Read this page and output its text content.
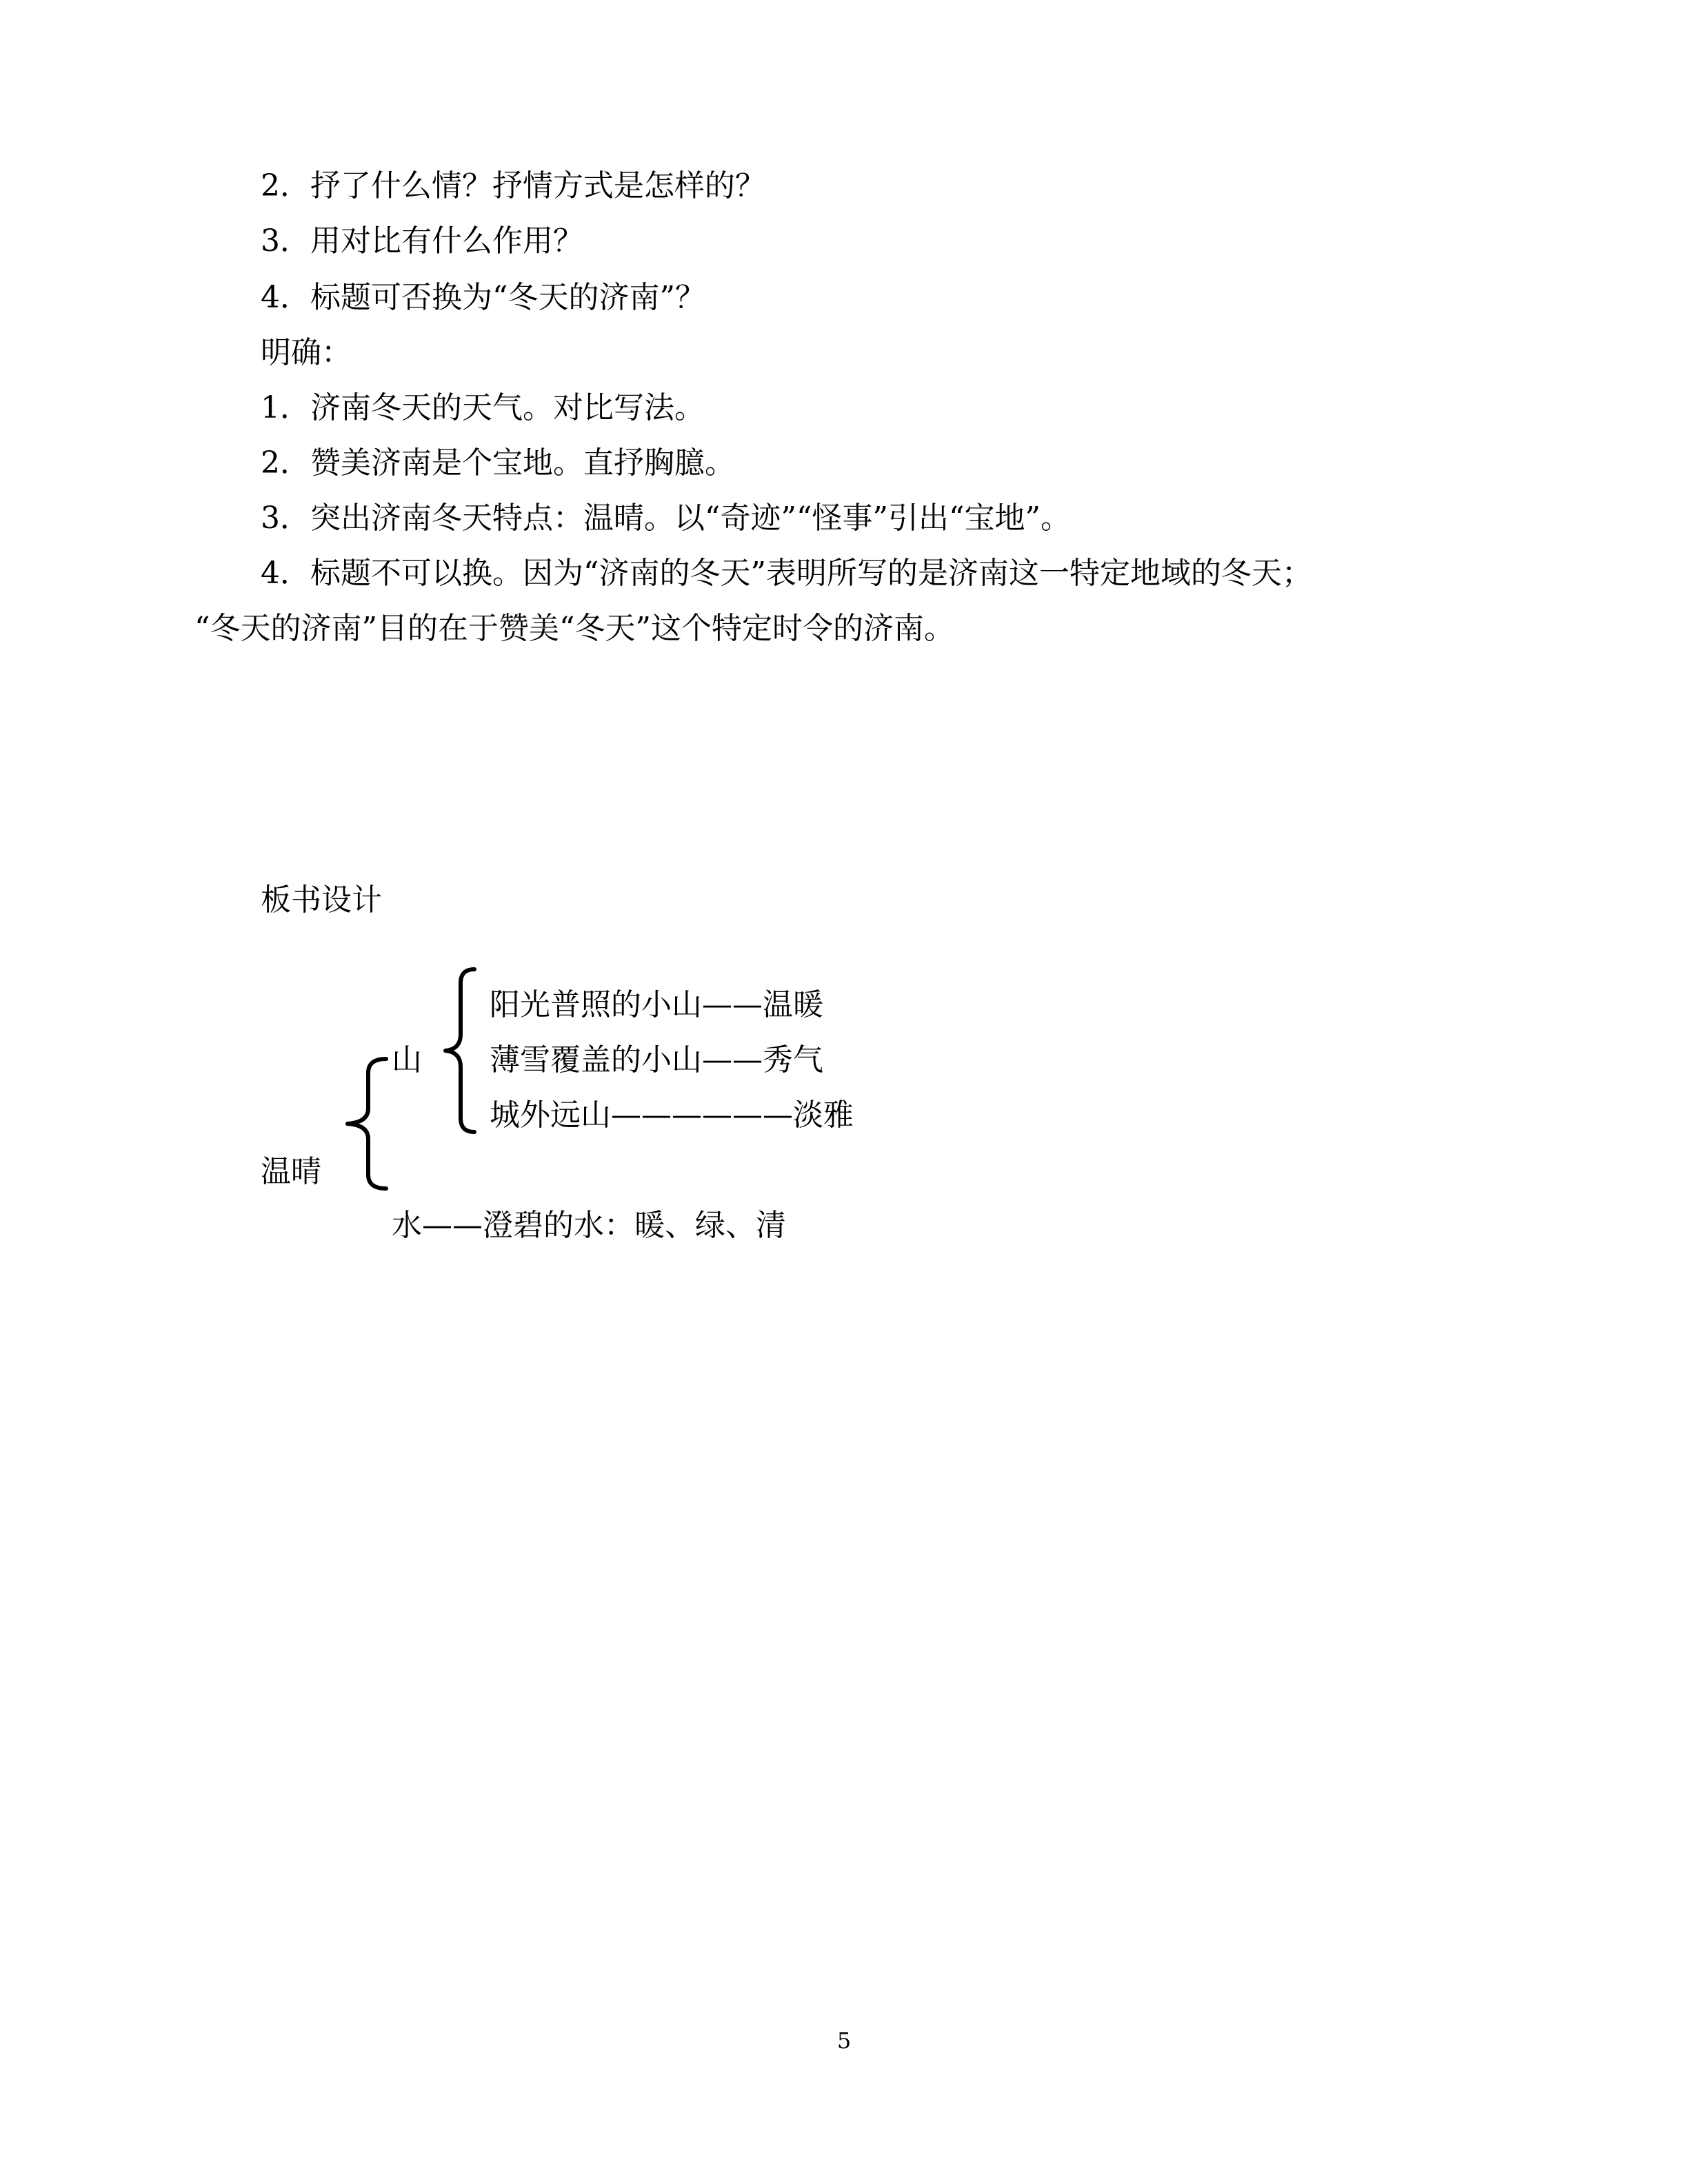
2．抒了什么情？抒情方式是怎样的？
3．用对比有什么作用？
4．标题可否换为“冬天的济南”？
明确：
1．济南冬天的天气。对比写法。
2．赞美济南是个宝地。直抒胸臆。
3．突出济南冬天特点：温晴。以“奇迹”“怪事”引出“宝地”。
4．标题不可以换。因为“济南的冬天”表明所写的是济南这一特定地域的冬天；
“冬天的济南”目的在于赞美“冬天”这个特定时令的济南。
板书设计
阳光普照的小山——温暖
薄雪覆盖的小山——秀气
城外远山——————淡雅
山
温晴
水——澄碧的水：暖、绿、清
5
